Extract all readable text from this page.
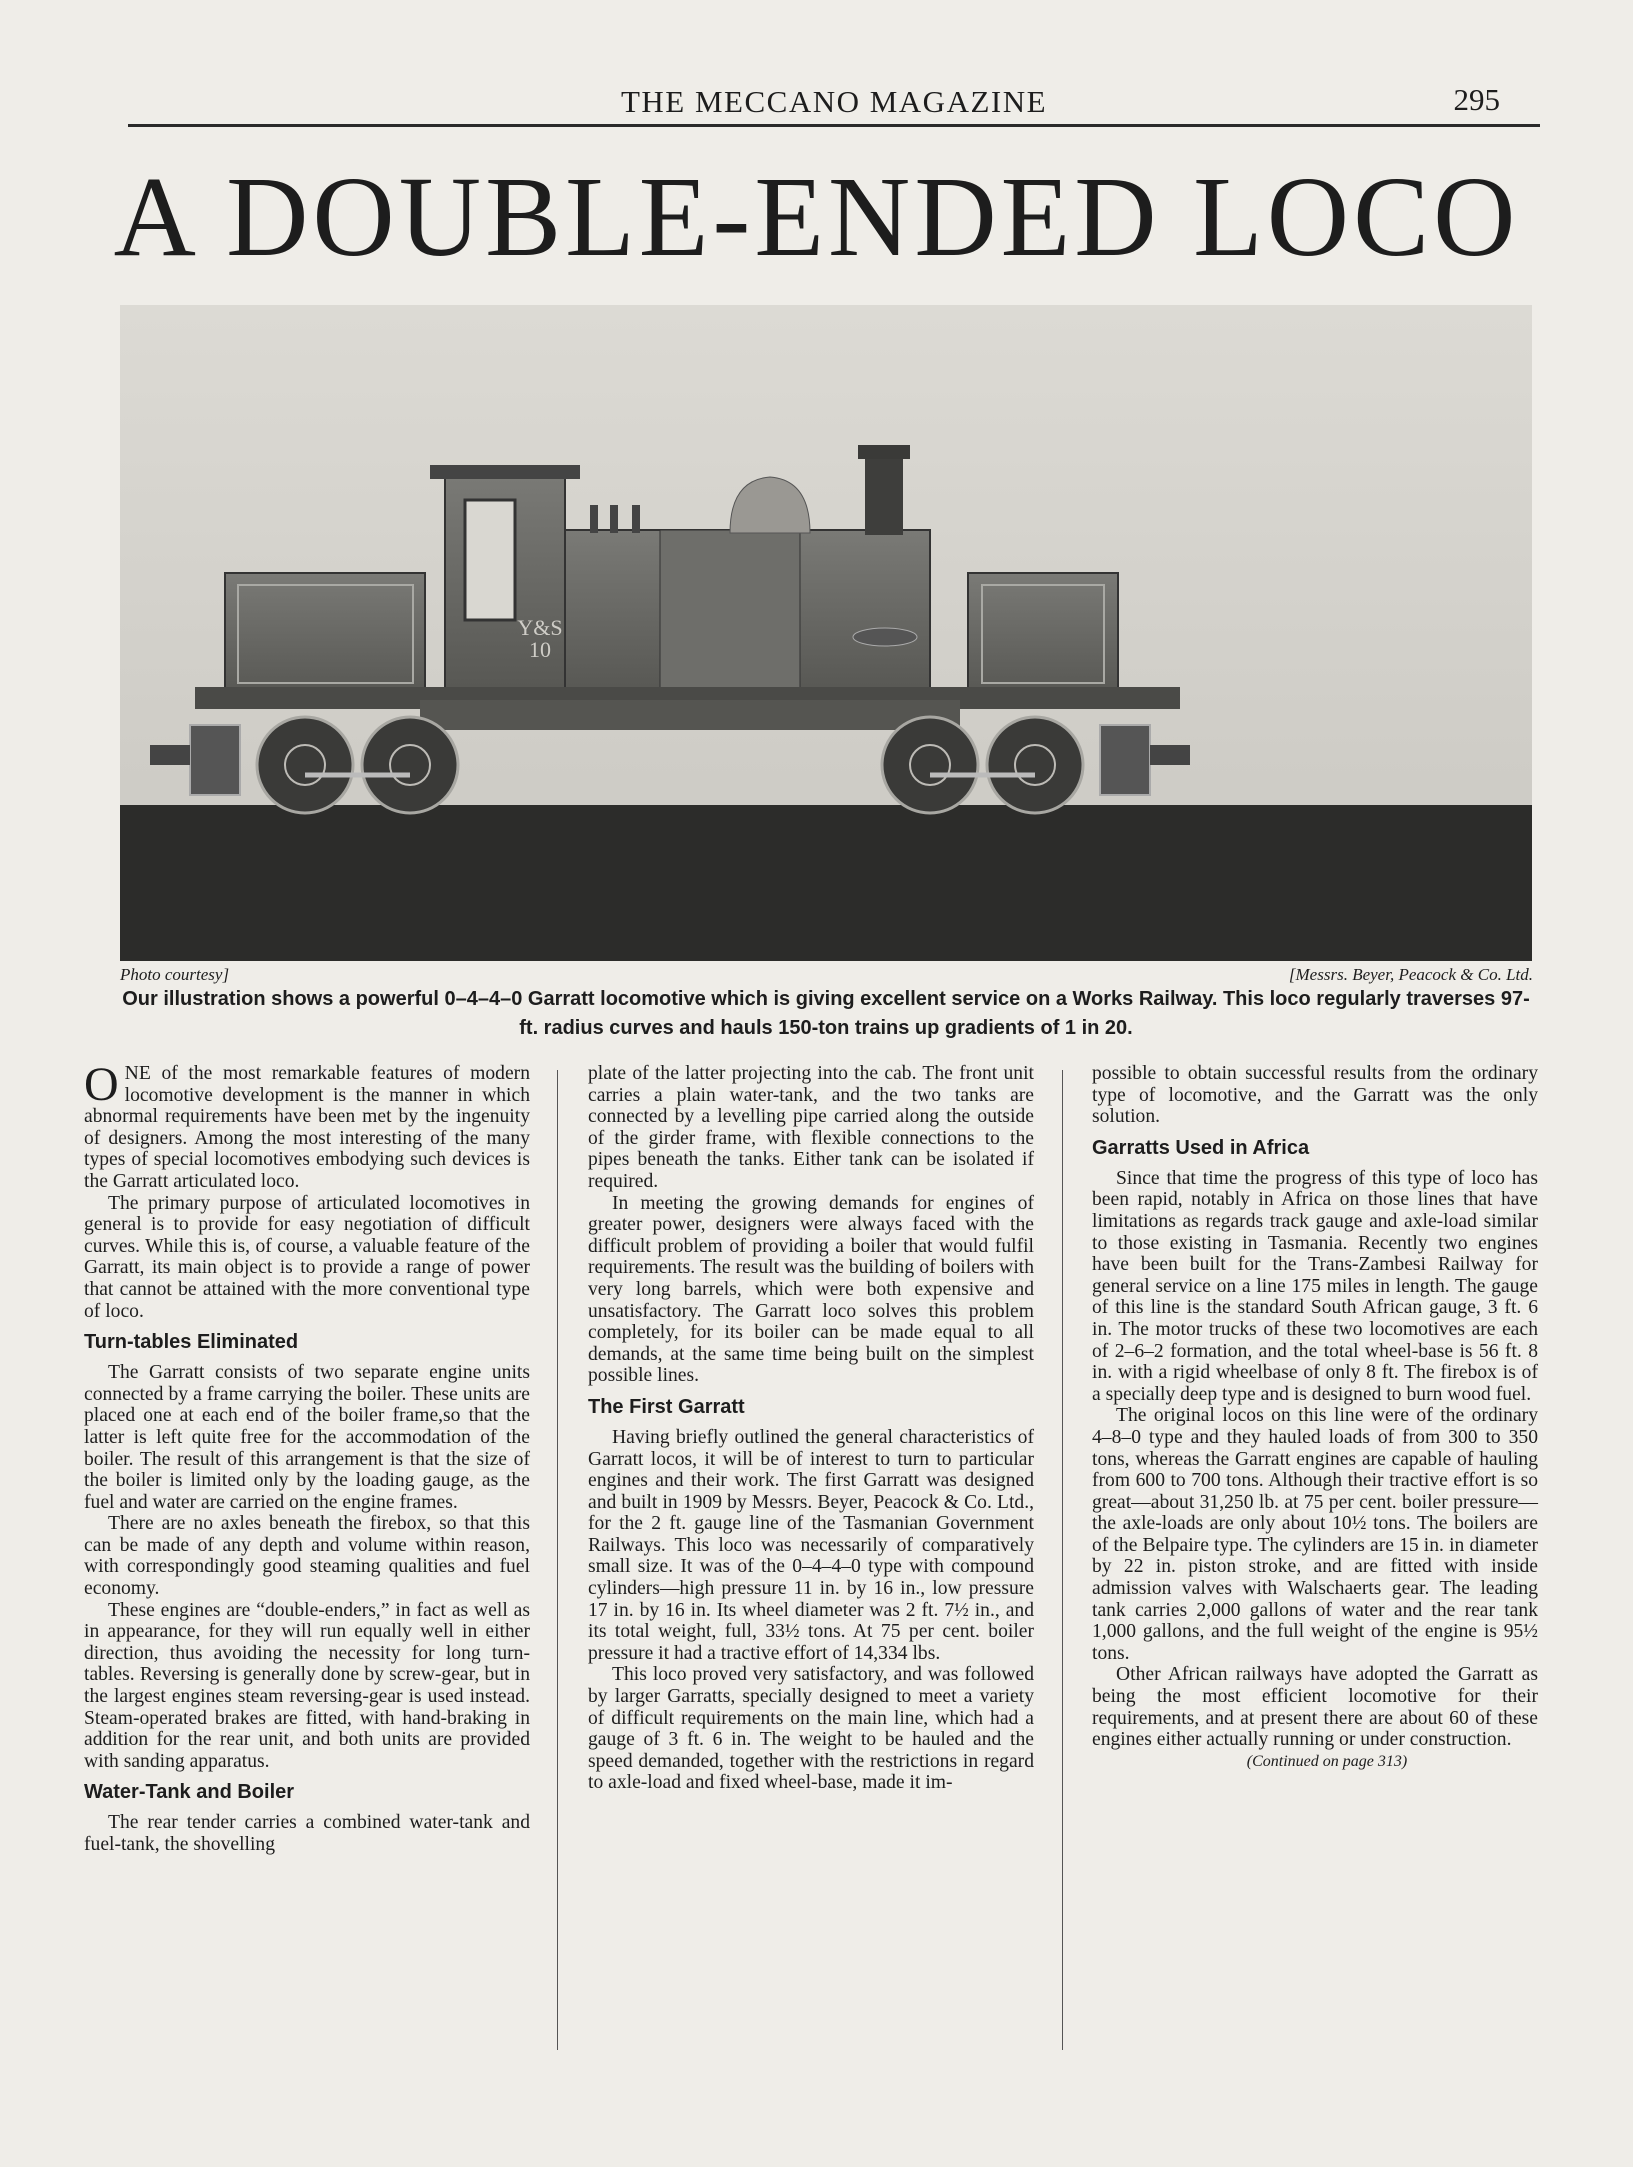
THE MECCANO MAGAZINE	295
A DOUBLE-ENDED LOCO
Y&S
10
Photo courtesy]	[Messrs. Beyer, Peacock & Co. Ltd.
Our illustration shows a powerful 0–4–4–0 Garratt locomotive which is giving excellent service on a Works Railway. This loco regularly traverses 97-ft. radius curves and hauls 150-ton trains up gradients of 1 in 20.

ONE of the most remarkable features of modern locomotive development is the manner in which abnormal requirements have been met by the ingenuity of designers. Among the most interesting of the many types of special locomotives embodying such devices is the Garratt articulated loco.

The primary purpose of articulated locomotives in general is to provide for easy negotiation of difficult curves. While this is, of course, a valuable feature of the Garratt, its main object is to provide a range of power that cannot be attained with the more conventional type of loco.

Turn-tables Eliminated

The Garratt consists of two separate engine units connected by a frame carrying the boiler. These units are placed one at each end of the boiler frame,so that the latter is left quite free for the accommodation of the boiler. The result of this arrangement is that the size of the boiler is limited only by the loading gauge, as the fuel and water are carried on the engine frames.

There are no axles beneath the firebox, so that this can be made of any depth and volume within reason, with correspondingly good steaming qualities and fuel economy.

These engines are “double-enders,” in fact as well as in appearance, for they will run equally well in either direction, thus avoiding the necessity for long turn-tables. Reversing is generally done by screw-gear, but in the largest engines steam reversing-gear is used instead. Steam-operated brakes are fitted, with hand-braking in addition for the rear unit, and both units are provided with sanding apparatus.

Water-Tank and Boiler

The rear tender carries a combined water-tank and fuel-tank, the shovelling

plate of the latter projecting into the cab. The front unit carries a plain water-tank, and the two tanks are connected by a levelling pipe carried along the outside of the girder frame, with flexible connections to the pipes beneath the tanks. Either tank can be isolated if required.

In meeting the growing demands for engines of greater power, designers were always faced with the difficult problem of providing a boiler that would fulfil requirements. The result was the building of boilers with very long barrels, which were both expensive and unsatisfactory. The Garratt loco solves this problem completely, for its boiler can be made equal to all demands, at the same time being built on the simplest possible lines.

The First Garratt

Having briefly outlined the general characteristics of Garratt locos, it will be of interest to turn to particular engines and their work. The first Garratt was designed and built in 1909 by Messrs. Beyer, Peacock & Co. Ltd., for the 2 ft. gauge line of the Tasmanian Government Railways. This loco was necessarily of comparatively small size. It was of the 0–4–4–0 type with compound cylinders—high pressure 11 in. by 16 in., low pressure 17 in. by 16 in. Its wheel diameter was 2 ft. 7½ in., and its total weight, full, 33½ tons. At 75 per cent. boiler pressure it had a tractive effort of 14,334 lbs.

This loco proved very satisfactory, and was followed by larger Garratts, specially designed to meet a variety of difficult requirements on the main line, which had a gauge of 3 ft. 6 in. The weight to be hauled and the speed demanded, together with the restrictions in regard to axle-load and fixed wheel-base, made it im-

possible to obtain successful results from the ordinary type of locomotive, and the Garratt was the only solution.

Garratts Used in Africa

Since that time the progress of this type of loco has been rapid, notably in Africa on those lines that have limitations as regards track gauge and axle-load similar to those existing in Tasmania. Recently two engines have been built for the Trans-Zambesi Railway for general service on a line 175 miles in length. The gauge of this line is the standard South African gauge, 3 ft. 6 in. The motor trucks of these two locomotives are each of 2–6–2 formation, and the total wheel-base is 56 ft. 8 in. with a rigid wheelbase of only 8 ft. The firebox is of a specially deep type and is designed to burn wood fuel.

The original locos on this line were of the ordinary 4–8–0 type and they hauled loads of from 300 to 350 tons, whereas the Garratt engines are capable of hauling from 600 to 700 tons. Although their tractive effort is so great—about 31,250 lb. at 75 per cent. boiler pressure—the axle-loads are only about 10½ tons. The boilers are of the Belpaire type. The cylinders are 15 in. in diameter by 22 in. piston stroke, and are fitted with inside admission valves with Walschaerts gear. The leading tank carries 2,000 gallons of water and the rear tank 1,000 gallons, and the full weight of the engine is 95½ tons.

Other African railways have adopted the Garratt as being the most efficient locomotive for their requirements, and at present there are about 60 of these engines either actually running or under construction.

(Continued on page 313)
